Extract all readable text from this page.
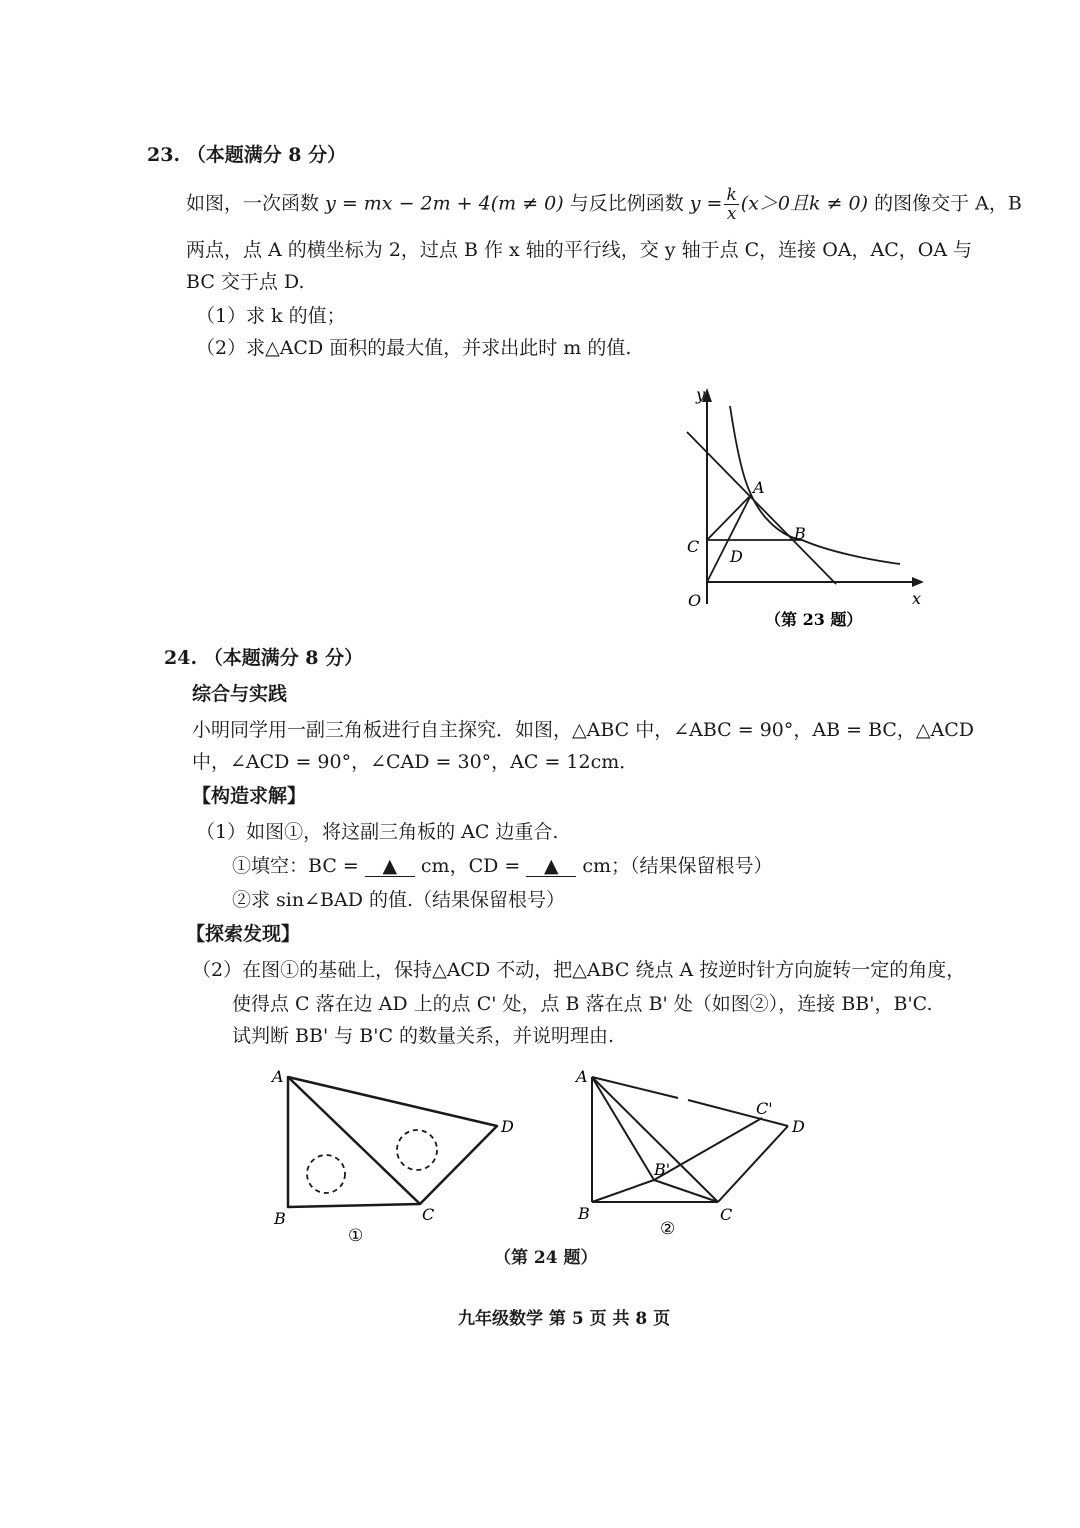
23. （本题满分 8 分）
如图，一次函数 y = mx − 2m + 4(m ≠ 0) 与反比例函数 $y = \frac{k}{x} (x>0$且k ≠ 0) 的图像交于 A，B
两点，点 A 的横坐标为 2，过点 B 作 x 轴的平行线，交 y 轴于点 C，连接 OA，AC，OA 与
BC 交于点 D.
（1）求 k 的值；
（2）求△ACD 面积的最大值，并求出此时 m 的值.
y
x
O
A
B
C
D
（第 23 题）
24. （本题满分 8 分）
综合与实践
小明同学用一副三角板进行自主探究．如图，△ABC 中，∠ABC = 90°，AB = BC，△ACD
中，∠ACD = 90°，∠CAD = 30°，AC = 12cm．
【构造求解】
（1）如图①，将这副三角板的 AC 边重合.
①填空：BC = ▲ cm，CD = ▲ cm；（结果保留根号）
②求 sin∠BAD 的值.（结果保留根号）
【探索发现】
（2）在图①的基础上，保持△ACD 不动，把△ABC 绕点 A 按逆时针方向旋转一定的角度，
使得点 C 落在边 AD 上的点 C' 处，点 B 落在点 B' 处（如图②），连接 BB'，B'C.
试判断 BB' 与 B'C 的数量关系，并说明理由.
A
B	C
D
①
A
B	C
D
B'
C'
②
（第 24 题）
九年级数学 第 5 页 共 8 页
